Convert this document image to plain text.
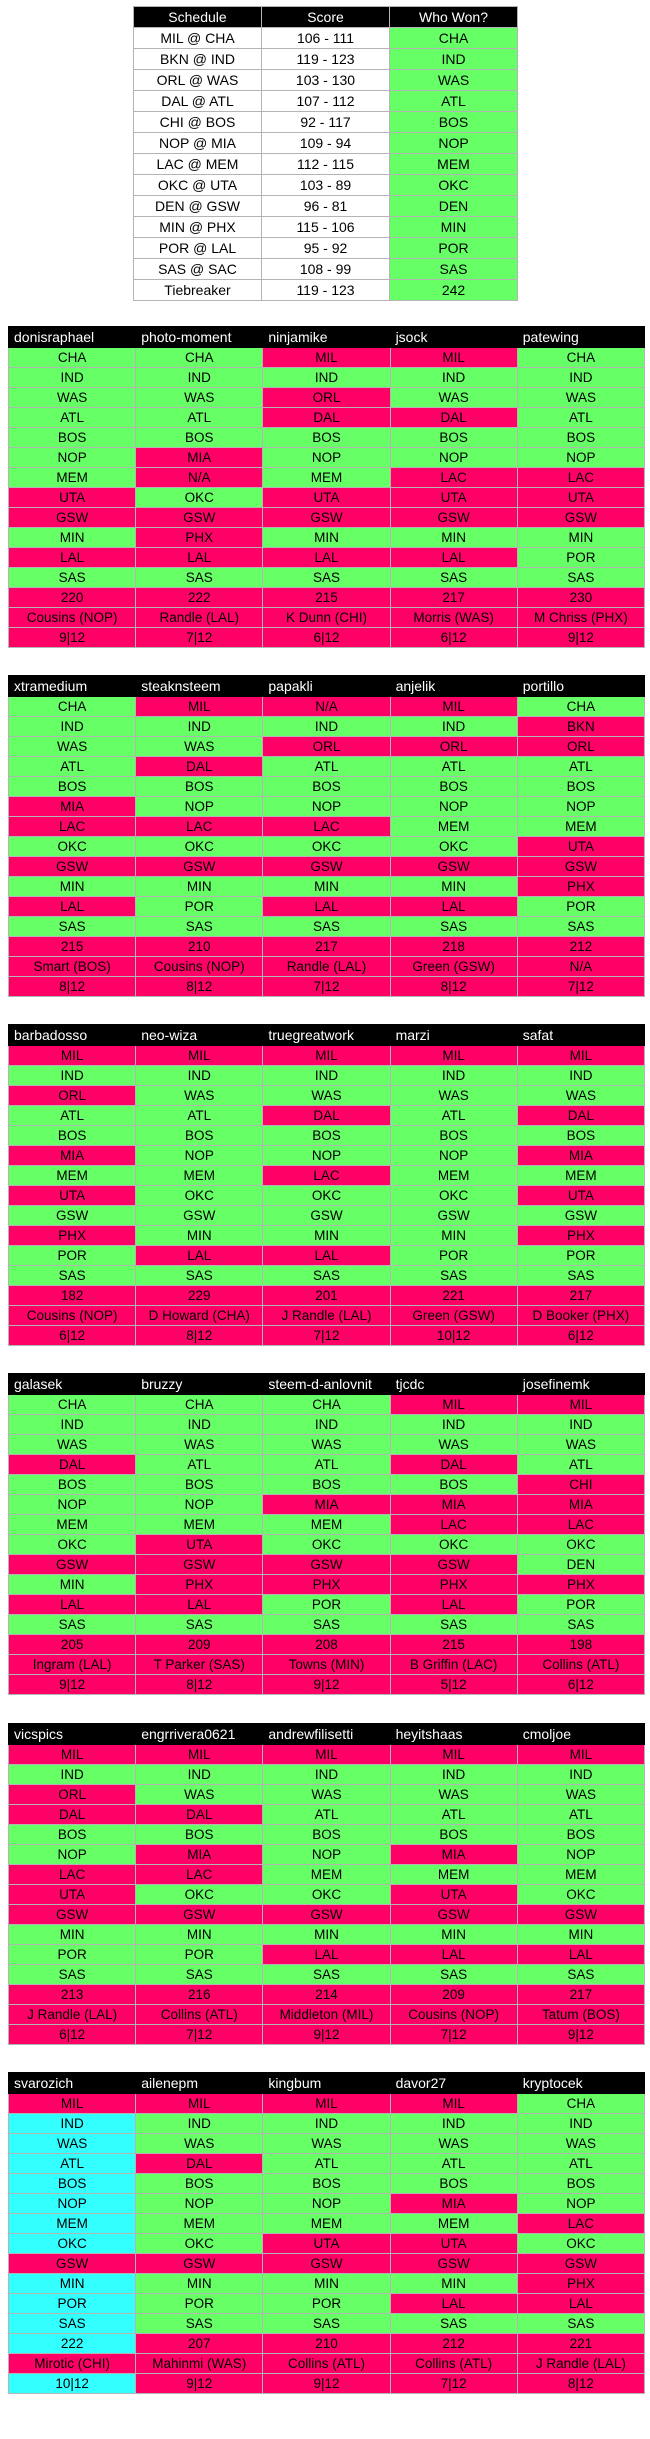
Schedule	Score	Who Won?
MIL @ CHA	106 - 111	CHA
BKN @ IND	119 - 123	IND
ORL @ WAS	103 - 130	WAS
DAL @ ATL	107 - 112	ATL
CHI @ BOS	92 - 117	BOS
NOP @ MIA	109 - 94	NOP
LAC @ MEM	112 - 115	MEM
OKC @ UTA	103 - 89	OKC
DEN @ GSW	96 - 81	DEN
MIN @ PHX	115 - 106	MIN
POR @ LAL	95 - 92	POR
SAS @ SAC	108 - 99	SAS
Tiebreaker	119 - 123	242
donisraphael	photo-moment	ninjamike	jsock	patewing
CHA	CHA	MIL	MIL	CHA
IND	IND	IND	IND	IND
WAS	WAS	ORL	WAS	WAS
ATL	ATL	DAL	DAL	ATL
BOS	BOS	BOS	BOS	BOS
NOP	MIA	NOP	NOP	NOP
MEM	N/A	MEM	LAC	LAC
UTA	OKC	UTA	UTA	UTA
GSW	GSW	GSW	GSW	GSW
MIN	PHX	MIN	MIN	MIN
LAL	LAL	LAL	LAL	POR
SAS	SAS	SAS	SAS	SAS
220	222	215	217	230
Cousins (NOP)	Randle (LAL)	K Dunn (CHI)	Morris (WAS)	M Chriss (PHX)
9|12	7|12	6|12	6|12	9|12
xtramedium	steaknsteem	papakli	anjelik	portillo
CHA	MIL	N/A	MIL	CHA
IND	IND	IND	IND	BKN
WAS	WAS	ORL	ORL	ORL
ATL	DAL	ATL	ATL	ATL
BOS	BOS	BOS	BOS	BOS
MIA	NOP	NOP	NOP	NOP
LAC	LAC	LAC	MEM	MEM
OKC	OKC	OKC	OKC	UTA
GSW	GSW	GSW	GSW	GSW
MIN	MIN	MIN	MIN	PHX
LAL	POR	LAL	LAL	POR
SAS	SAS	SAS	SAS	SAS
215	210	217	218	212
Smart (BOS)	Cousins (NOP)	Randle (LAL)	Green (GSW)	N/A
8|12	8|12	7|12	8|12	7|12
barbadosso	neo-wiza	truegreatwork	marzi	safat
MIL	MIL	MIL	MIL	MIL
IND	IND	IND	IND	IND
ORL	WAS	WAS	WAS	WAS
ATL	ATL	DAL	ATL	DAL
BOS	BOS	BOS	BOS	BOS
MIA	NOP	NOP	NOP	MIA
MEM	MEM	LAC	MEM	MEM
UTA	OKC	OKC	OKC	UTA
GSW	GSW	GSW	GSW	GSW
PHX	MIN	MIN	MIN	PHX
POR	LAL	LAL	POR	POR
SAS	SAS	SAS	SAS	SAS
182	229	201	221	217
Cousins (NOP)	D Howard (CHA)	J Randle (LAL)	Green (GSW)	D Booker (PHX)
6|12	8|12	7|12	10|12	6|12
galasek	bruzzy	steem-d-anlovnit	tjcdc	josefinemk
CHA	CHA	CHA	MIL	MIL
IND	IND	IND	IND	IND
WAS	WAS	WAS	WAS	WAS
DAL	ATL	ATL	DAL	ATL
BOS	BOS	BOS	BOS	CHI
NOP	NOP	MIA	MIA	MIA
MEM	MEM	MEM	LAC	LAC
OKC	UTA	OKC	OKC	OKC
GSW	GSW	GSW	GSW	DEN
MIN	PHX	PHX	PHX	PHX
LAL	LAL	POR	LAL	POR
SAS	SAS	SAS	SAS	SAS
205	209	208	215	198
Ingram (LAL)	T Parker (SAS)	Towns (MIN)	B Griffin (LAC)	Collins (ATL)
9|12	8|12	9|12	5|12	6|12
vicspics	engrrivera0621	andrewfilisetti	heyitshaas	cmoljoe
MIL	MIL	MIL	MIL	MIL
IND	IND	IND	IND	IND
ORL	WAS	WAS	WAS	WAS
DAL	DAL	ATL	ATL	ATL
BOS	BOS	BOS	BOS	BOS
NOP	MIA	NOP	MIA	NOP
LAC	LAC	MEM	MEM	MEM
UTA	OKC	OKC	UTA	OKC
GSW	GSW	GSW	GSW	GSW
MIN	MIN	MIN	MIN	MIN
POR	POR	LAL	LAL	LAL
SAS	SAS	SAS	SAS	SAS
213	216	214	209	217
J Randle (LAL)	Collins (ATL)	Middleton (MIL)	Cousins (NOP)	Tatum (BOS)
6|12	7|12	9|12	7|12	9|12
svarozich	ailenepm	kingbum	davor27	kryptocek
MIL	MIL	MIL	MIL	CHA
IND	IND	IND	IND	IND
WAS	WAS	WAS	WAS	WAS
ATL	DAL	ATL	ATL	ATL
BOS	BOS	BOS	BOS	BOS
NOP	NOP	NOP	MIA	NOP
MEM	MEM	MEM	MEM	LAC
OKC	OKC	UTA	UTA	OKC
GSW	GSW	GSW	GSW	GSW
MIN	MIN	MIN	MIN	PHX
POR	POR	POR	LAL	LAL
SAS	SAS	SAS	SAS	SAS
222	207	210	212	221
Mirotic (CHI)	Mahinmi (WAS)	Collins (ATL)	Collins (ATL)	J Randle (LAL)
10|12	9|12	9|12	7|12	8|12
